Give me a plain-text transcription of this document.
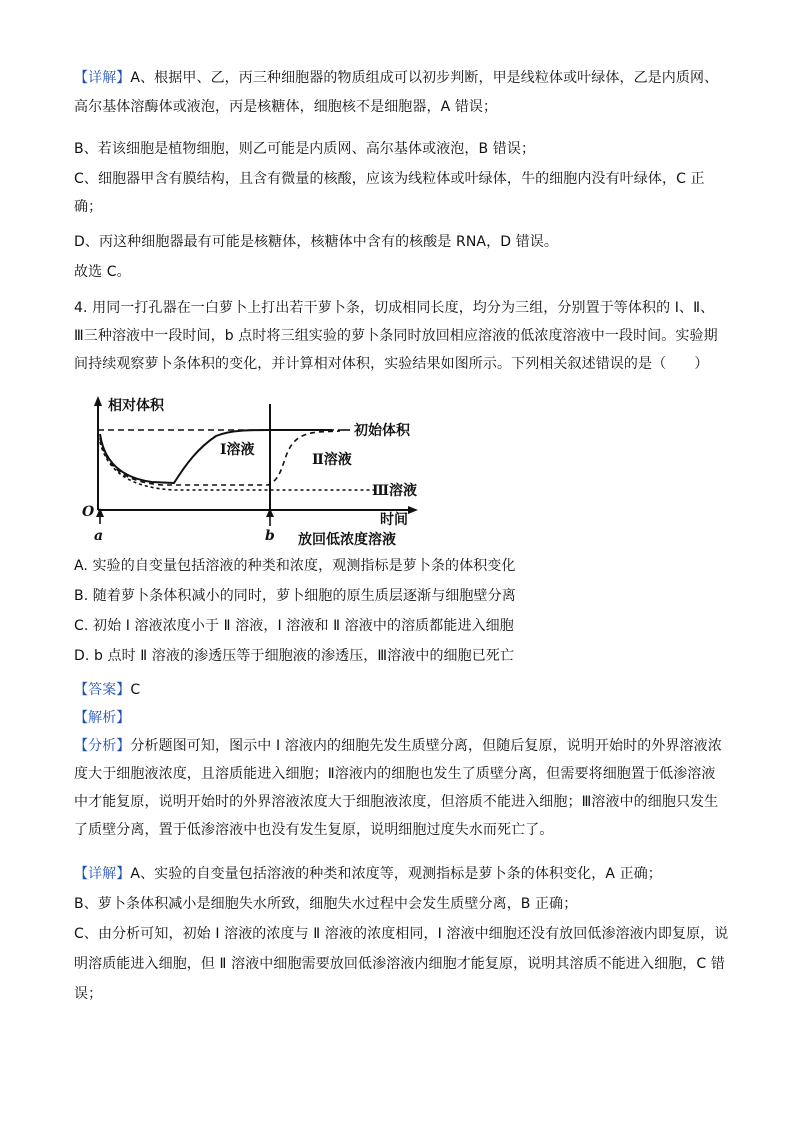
【详解】A、根据甲、乙，丙三种细胞器的物质组成可以初步判断，甲是线粒体或叶绿体，乙是内质网、
高尔基体溶酶体或液泡，丙是核糖体，细胞核不是细胞器，A 错误；
B、若该细胞是植物细胞，则乙可能是内质网、高尔基体或液泡，B 错误；
C、细胞器甲含有膜结构，且含有微量的核酸，应该为线粒体或叶绿体，牛的细胞内没有叶绿体，C 正
确；
D、丙这种细胞器最有可能是核糖体，核糖体中含有的核酸是 RNA，D 错误。
故选 C。
4. 用同一打孔器在一白萝卜上打出若干萝卜条，切成相同长度，均分为三组，分别置于等体积的 Ⅰ、Ⅱ、
Ⅲ三种溶液中一段时间，b 点时将三组实验的萝卜条同时放回相应溶液的低浓度溶液中一段时间。实验期
间持续观察萝卜条体积的变化，并计算相对体积，实验结果如图所示。下列相关叙述错误的是（　　）
A. 实验的自变量包括溶液的种类和浓度，观测指标是萝卜条的体积变化
B. 随着萝卜条体积减小的同时，萝卜细胞的原生质层逐渐与细胞壁分离
C. 初始 Ⅰ 溶液浓度小于 Ⅱ 溶液，Ⅰ 溶液和 Ⅱ 溶液中的溶质都能进入细胞
D. b 点时 Ⅱ 溶液的渗透压等于细胞液的渗透压，Ⅲ溶液中的细胞已死亡
【答案】C
【解析】
【分析】分析题图可知，图示中 Ⅰ 溶液内的细胞先发生质壁分离，但随后复原，说明开始时的外界溶液浓
度大于细胞液浓度，且溶质能进入细胞；Ⅱ溶液内的细胞也发生了质壁分离，但需要将细胞置于低渗溶液
中才能复原，说明开始时的外界溶液浓度大于细胞液浓度，但溶质不能进入细胞；Ⅲ溶液中的细胞只发生
了质壁分离，置于低渗溶液中也没有发生复原，说明细胞过度失水而死亡了。
【详解】A、实验的自变量包括溶液的种类和浓度等，观测指标是萝卜条的体积变化，A 正确；
B、萝卜条体积减小是细胞失水所致，细胞失水过程中会发生质壁分离，B 正确；
C、由分析可知，初始 Ⅰ 溶液的浓度与 Ⅱ 溶液的浓度相同，Ⅰ 溶液中细胞还没有放回低渗溶液内即复原，说
明溶质能进入细胞，但 Ⅱ 溶液中细胞需要放回低渗溶液内细胞才能复原，说明其溶质不能进入细胞，C 错
误；
相对体积
初始体积
Ⅰ溶液
Ⅱ溶液
Ⅲ溶液
O	时间
a	b 放回低浓度溶液
